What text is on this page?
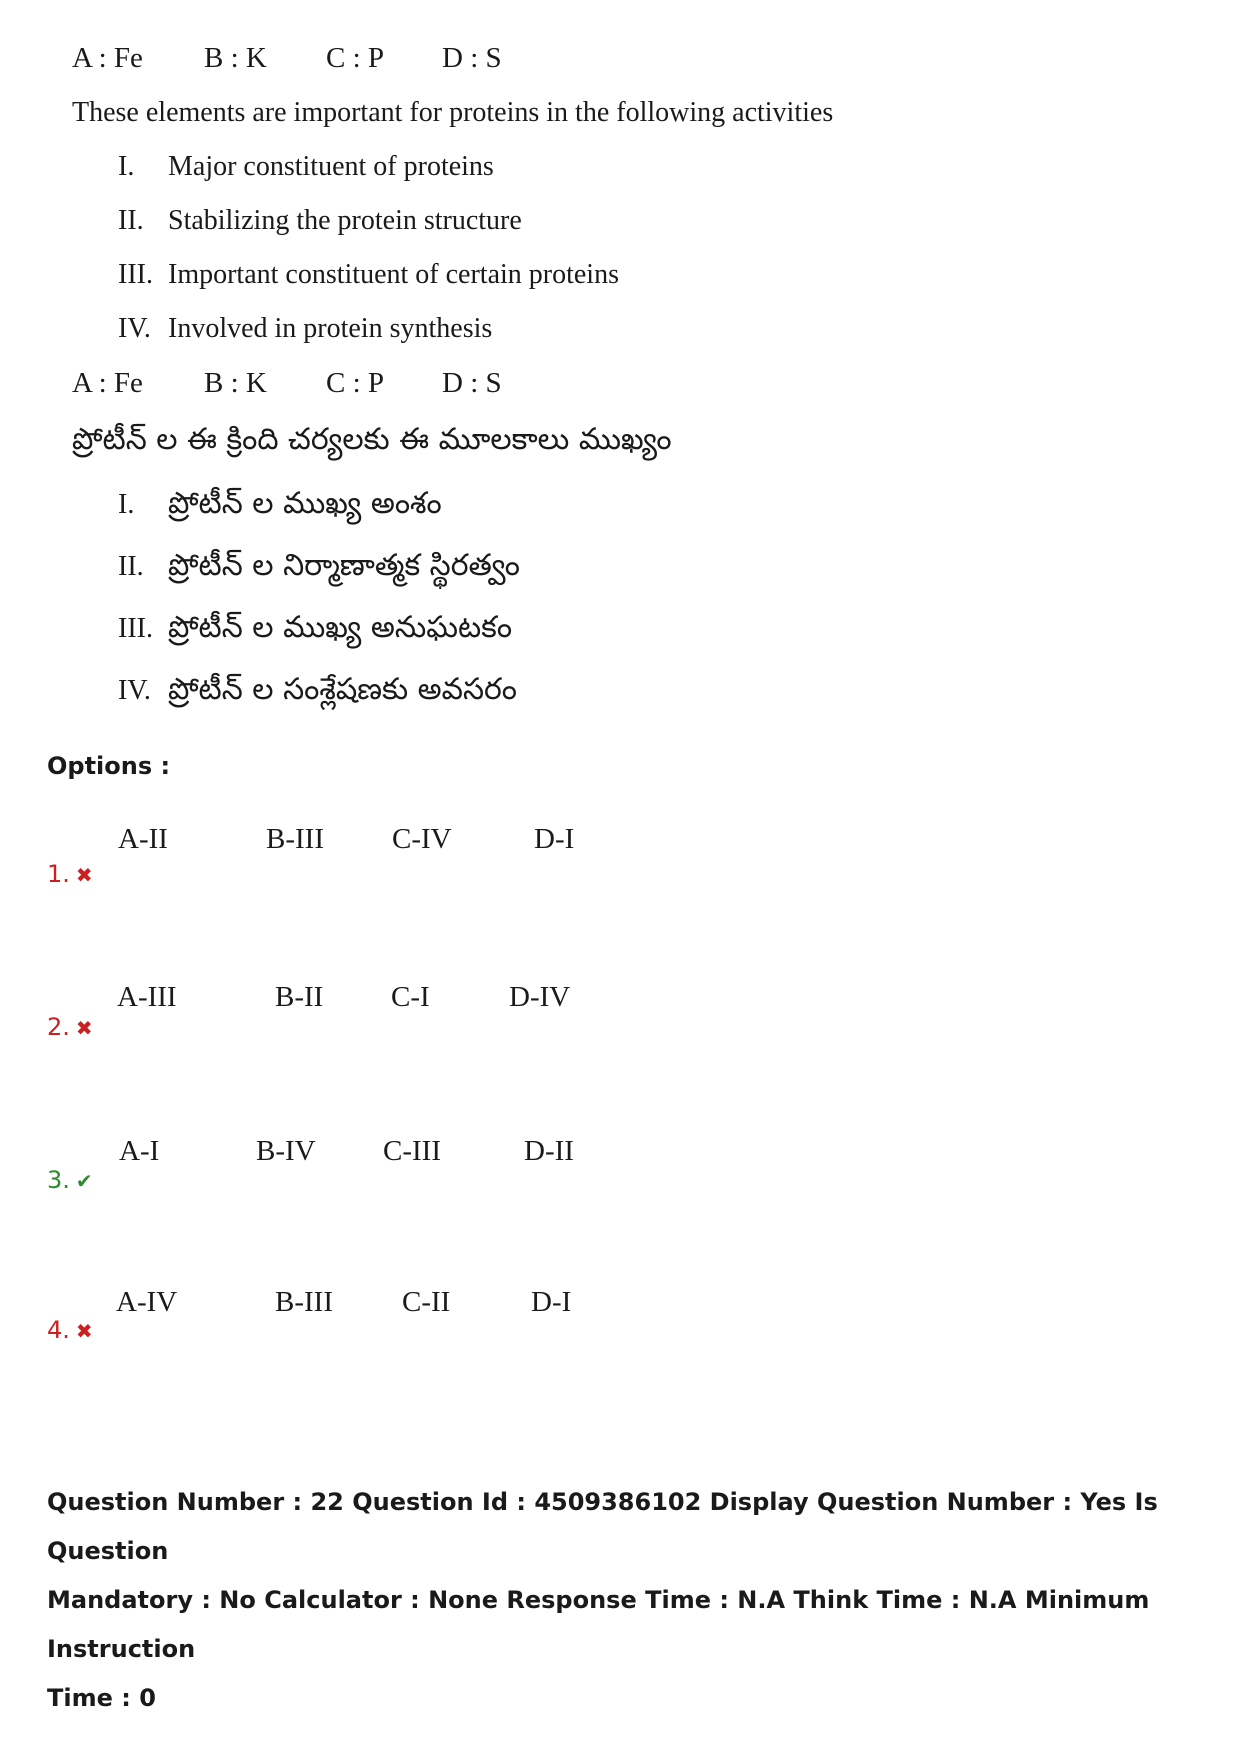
A : Fe B : K C : P D : S
These elements are important for proteins in the following activities
I. Major constituent of proteins
II. Stabilizing the protein structure
III. Important constituent of certain proteins
IV. Involved in protein synthesis
A : Fe B : K C : P D : S
ప్రోటీన్ ల ఈ క్రింది చర్యలకు ఈ మూలకాలు ముఖ్యం
I. ప్రోటీన్ ల ముఖ్య అంశం
II. ప్రోటీన్ ల నిర్మాణాత్మక స్థిరత్వం
III. ప్రోటీన్ ల ముఖ్య అనుఘటకం
IV. ప్రోటీన్ ల సంశ్లేషణకు అవసరం
Options :
1. ✖
A-II	B-III C-IV	D-I
2. ✖
A-III	B-II C-I	D-IV
3. ✔
A-I	B-IV C-III	D-II
4. ✖
A-IV	B-III C-II	D-I
Question Number : 22 Question Id : 4509386102 Display Question Number : Yes Is Question
Mandatory : No Calculator : None Response Time : N.A Think Time : N.A Minimum Instruction
Time : 0
